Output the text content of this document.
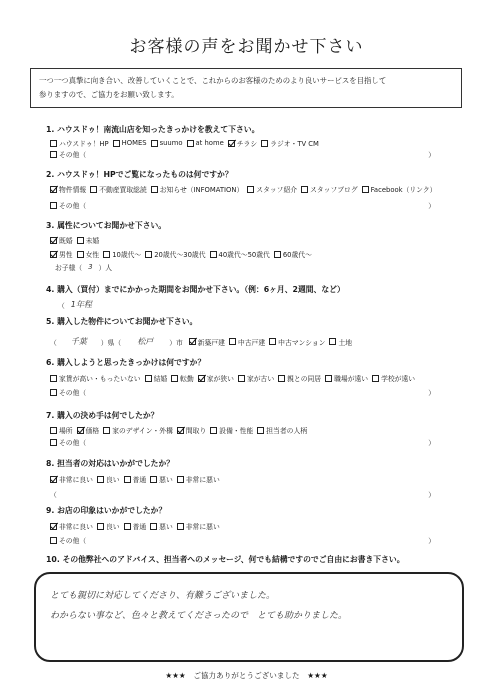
お客様の声をお聞かせ下さい
一つ一つ真摯に向き合い、改善していくことで、これからのお客様のためのより良いサービスを目指して
参りますので、ご協力をお願い致します。
1. ハウスドゥ！南流山店を知ったきっかけを教えて下さい。
ハウスドゥ！HP HOMES suumo at home チラシ ラジオ・TV CM
その他（	）
2. ハウスドゥ！HPでご覧になったものは何ですか？
物件情報 不動産買取総読 お知らせ（INFOMATION） スタッフ紹介 スタッフブログ Facebook（リンク）
その他（	）
3. 属性についてお聞かせ下さい。
既婚 未婚
男性 女性 10歳代〜 20歳代〜30歳代 40歳代〜50歳代 60歳代〜
お子様（ 3 ）人
4. 購入（買付）までにかかった期間をお聞かせ下さい。（例：6ヶ月、2週間、など）
（ 1年程
5. 購入した物件についてお聞かせ下さい。
（ 千葉 ）県（ 松戸 ）市 新築戸建 中古戸建 中古マンション 土地
6. 購入しようと思ったきっかけは何ですか？
家賃が高い・もったいない 結婚 転勤 家が狭い 家が古い 親との同居 職場が遠い 学校が遠い
その他（	）
7. 購入の決め手は何でしたか？
場所 価格 家のデザイン・外構 間取り 設備・性能 担当者の人柄
その他（	）
8. 担当者の対応はいかがでしたか？
非常に良い 良い 普通 悪い 非常に悪い
（	）
9. お店の印象はいかがでしたか？
非常に良い 良い 普通 悪い 非常に悪い
その他（	）
10. その他弊社へのアドバイス、担当者へのメッセージ、何でも結構ですのでご自由にお書き下さい。
とても親切に対応してくださり、有難うございました。
わからない事など、色々と教えてくださったので　とても助かりました。
★★★　ご協力ありがとうございました　★★★
